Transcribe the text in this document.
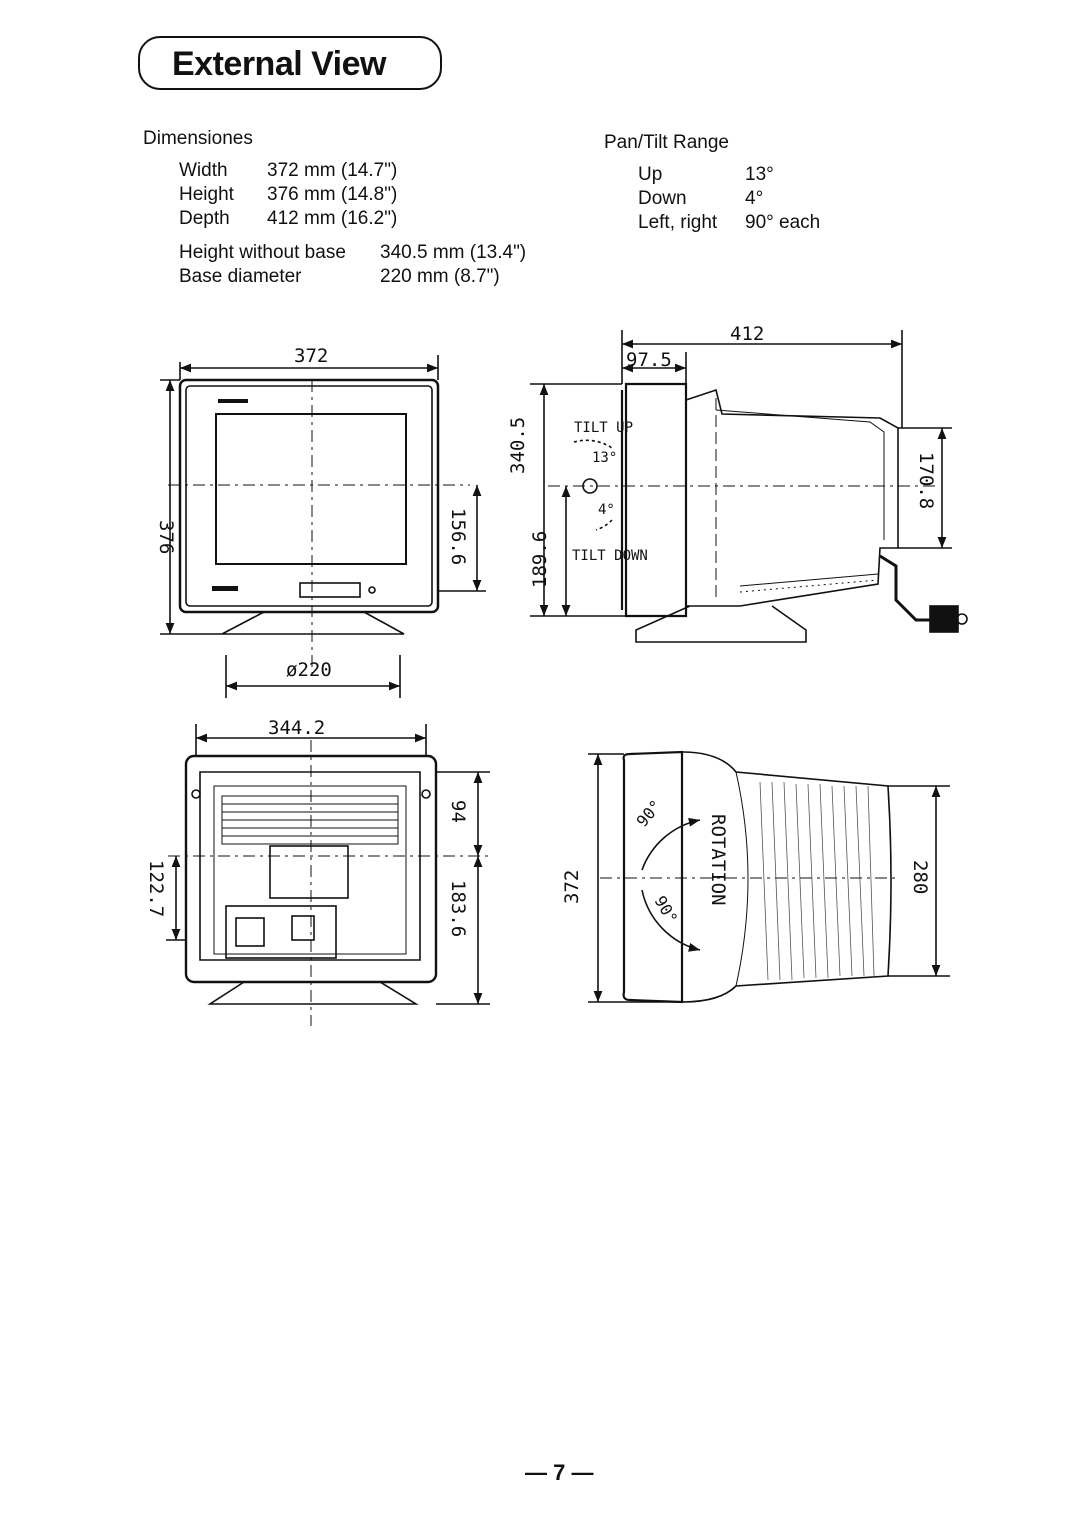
External View
Dimensiones
Width 372 mm (14.7")
Height 376 mm (14.8")
Depth 412 mm (16.2")
Height without base 340.5 mm (13.4")
Base diameter	220 mm (8.7")
Pan/Tilt Range
Up	13°
Down	4°
Left, right 90° each
372
376	156.6
ø220
412
97.5
340.5
189.6
170.8
TILT UP
TILT DOWN
13°
4°
344.2
94
183.6
122.7	372	280
ROTATION
90°
90°
— 7 —
